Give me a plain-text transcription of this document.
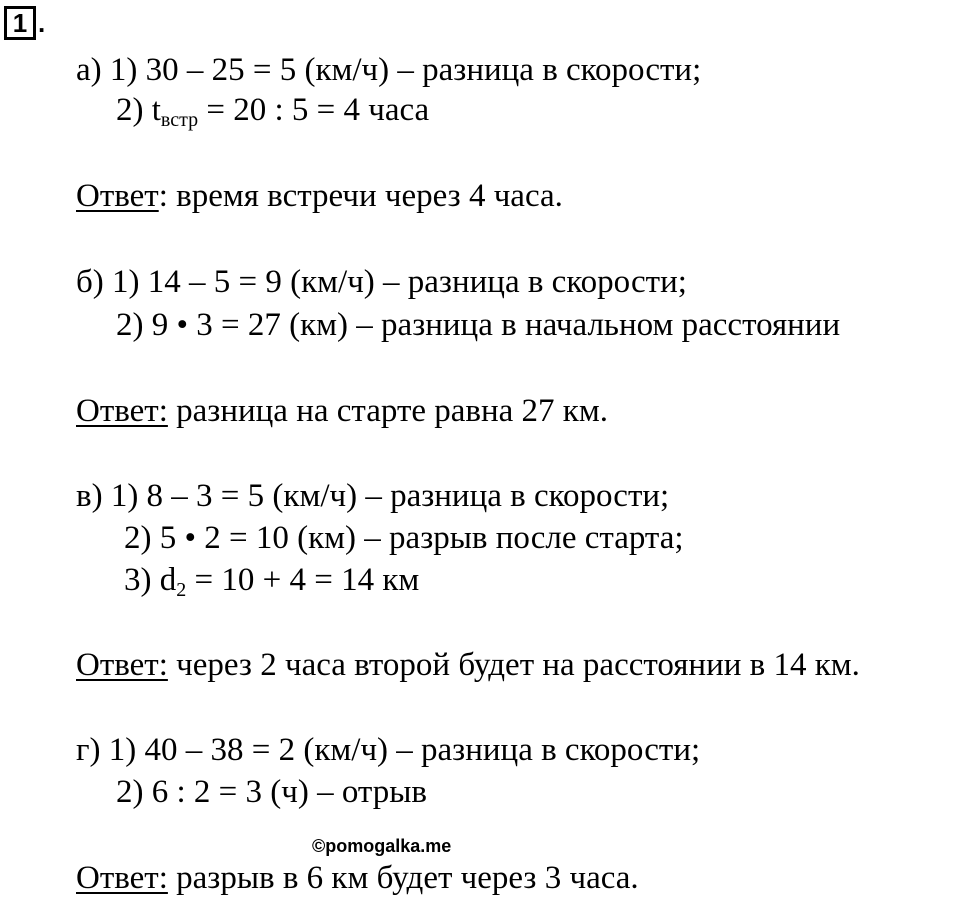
1 .
а) 1) 30 – 25 = 5 (км/ч) – разница в скорости;
2) tвстр = 20 : 5 = 4 часа
Ответ: время встречи через 4 часа.
б) 1) 14 – 5 = 9 (км/ч) – разница в скорости;
2) 9 • 3 = 27 (км) – разница в начальном расстоянии
Ответ: разница на старте равна 27 км.
в) 1) 8 – 3 = 5 (км/ч) – разница в скорости;
2) 5 • 2 = 10 (км) – разрыв после старта;
3) d2 = 10 + 4 = 14 км
Ответ: через 2 часа второй будет на расстоянии в 14 км.
г) 1) 40 – 38 = 2 (км/ч) – разница в скорости;
2) 6 : 2 = 3 (ч) – отрыв
©pomogalka.me
Ответ: разрыв в 6 км будет через 3 часа.
